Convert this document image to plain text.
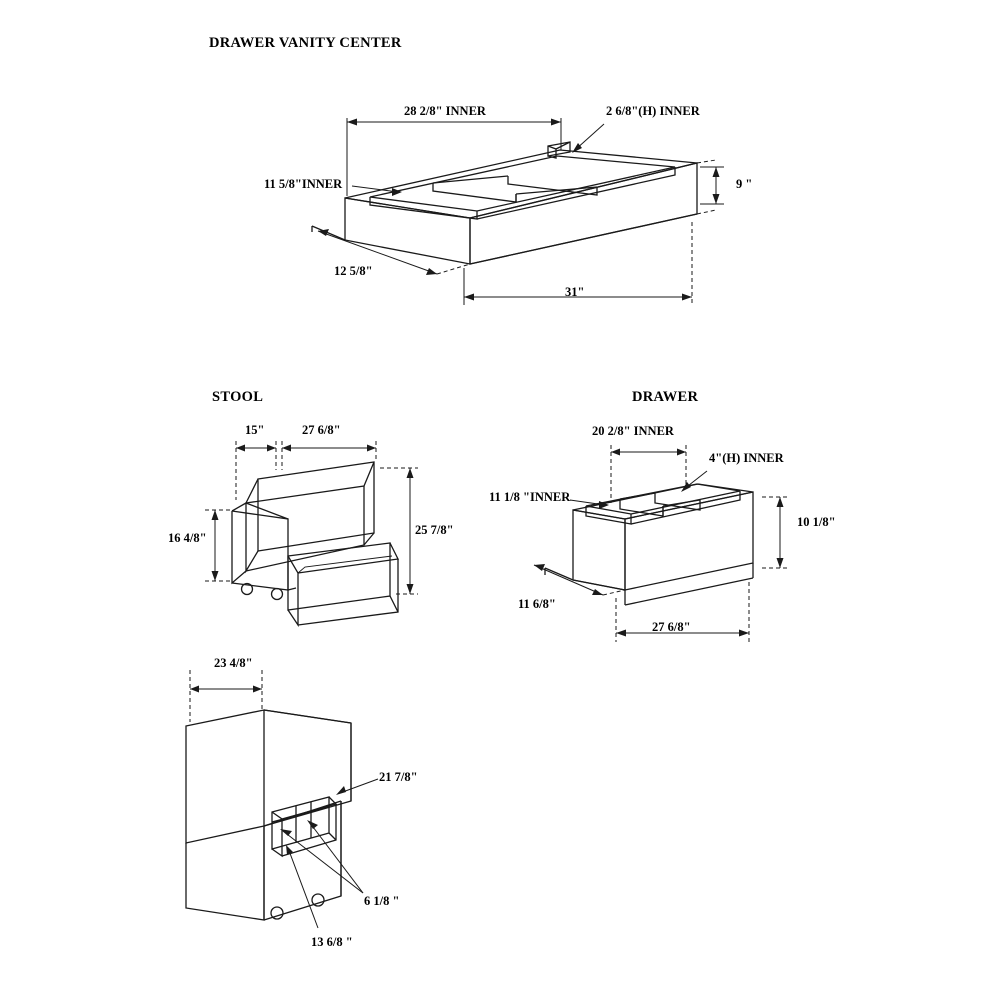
DRAWER VANITY CENTER
28 2/8" INNER	2 6/8"(H) INNER
11 5/8"INNER
12 5/8"
31"
9 "
STOOL
15"	27 6/8"
16 4/8"
25 7/8"
DRAWER
20 2/8" INNER
4"(H) INNER
11 1/8 "INNER
10 1/8"
11 6/8"
27 6/8"
23 4/8"
21 7/8"
6 1/8 "
13 6/8 "
